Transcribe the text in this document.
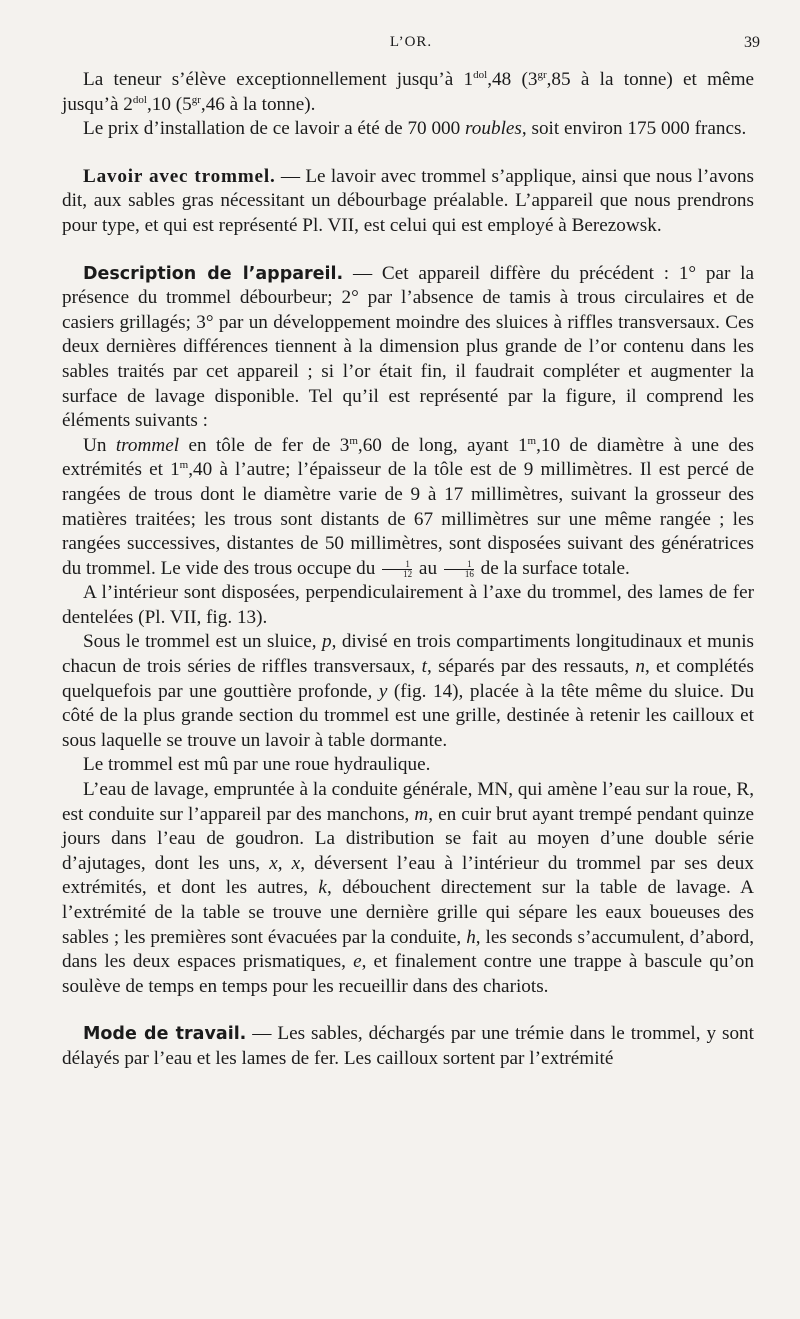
L’OR.	39

La teneur s’élève exceptionnellement jusqu’à $1^{dol},48$ ($3^{gr},85$ à la tonne) et même jusqu’à $2^{dol},10$ ($5^{gr},46$ à la tonne).

Le prix d’installation de ce lavoir a été de 70 000 roubles, soit environ 175 000 francs.

Lavoir avec trommel. — Le lavoir avec trommel s’applique, ainsi que nous l’avons dit, aux sables gras nécessitant un débourbage préalable. L’appareil que nous prendrons pour type, et qui est représenté Pl. VII, est celui qui est employé à Berezowsk.

Description de l’appareil. — Cet appareil diffère du précédent : 1° par la présence du trommel débourbeur; 2° par l’absence de tamis à trous circulaires et de casiers grillagés; 3° par un développement moindre des sluices à riffles transversaux. Ces deux dernières différences tiennent à la dimension plus grande de l’or contenu dans les sables traités par cet appareil ; si l’or était fin, il faudrait compléter et augmenter la surface de lavage disponible. Tel qu’il est représenté par la figure, il comprend les éléments suivants :

Un trommel en tôle de fer de 3$^m$,60 de long, ayant 1$^m$,10 de diamètre à une des extrémités et 1$^m$,40 à l’autre; l’épaisseur de la tôle est de 9 millimètres. Il est percé de rangées de trous dont le diamètre varie de 9 à 17 millimètres, suivant la grosseur des matières traitées; les trous sont distants de 67 millimètres sur une même rangée ; les rangées successives, distantes de 50 millimètres, sont disposées suivant des génératrices du trommel. Le vide des trous occupe du $\frac{1}{12}$ au $\frac{1}{16}$ de la surface totale.

A l’intérieur sont disposées, perpendiculairement à l’axe du trommel, des lames de fer dentelées (Pl. VII, fig. 13).

Sous le trommel est un sluice, p, divisé en trois compartiments longitudinaux et munis chacun de trois séries de riffles transversaux, t, séparés par des ressauts, n, et complétés quelquefois par une gouttière profonde, y (fig. 14), placée à la tête même du sluice. Du côté de la plus grande section du trommel est une grille, destinée à retenir les cailloux et sous laquelle se trouve un lavoir à table dormante.

Le trommel est mû par une roue hydraulique.

L’eau de lavage, empruntée à la conduite générale, MN, qui amène l’eau sur la roue, R, est conduite sur l’appareil par des manchons, m, en cuir brut ayant trempé pendant quinze jours dans l’eau de goudron. La distribution se fait au moyen d’une double série d’ajutages, dont les uns, x, x, déversent l’eau à l’intérieur du trommel par ses deux extrémités, et dont les autres, k, débouchent directement sur la table de lavage. A l’extrémité de la table se trouve une dernière grille qui sépare les eaux boueuses des sables ; les premières sont évacuées par la conduite, h, les seconds s’accumulent, d’abord, dans les deux espaces prismatiques, e, et finalement contre une trappe à bascule qu’on soulève de temps en temps pour les recueillir dans des chariots.

Mode de travail. — Les sables, déchargés par une trémie dans le trommel, y sont délayés par l’eau et les lames de fer. Les cailloux sortent par l’extrémité
